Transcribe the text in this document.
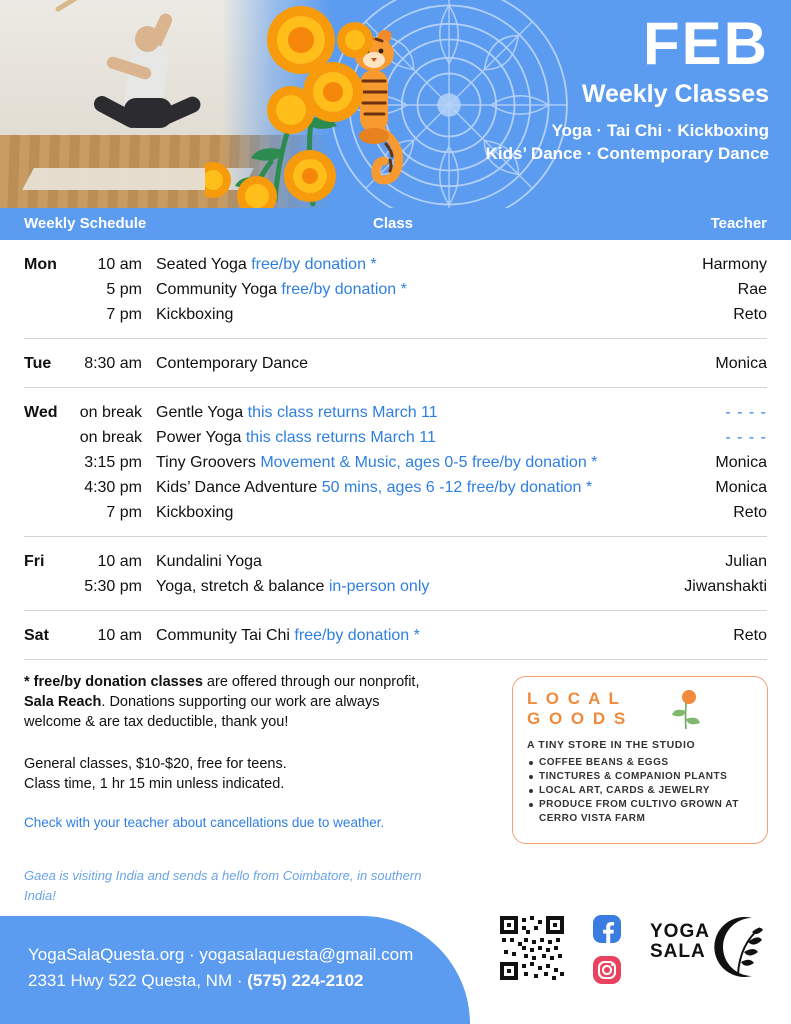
FEB
Weekly Classes
Yoga · Tai Chi · Kickboxing
Kids’ Dance · Contemporary Dance
Weekly Schedule	Class	Teacher
Mon	10 am Seated Yoga free/by donation *	Harmony
5 pm Community Yoga free/by donation *	Rae
7 pm Kickboxing	Reto
Tue	8:30 am Contemporary Dance	Monica
Wed	on break Gentle Yoga this class returns March 11	- - - -
on break Power Yoga this class returns March 11	- - - -
3:15 pm Tiny Groovers Movement & Music, ages 0-5 free/by donation *	Monica
4:30 pm Kids’ Dance Adventure 50 mins, ages 6 -12 free/by donation *	Monica
7 pm Kickboxing	Reto
Fri	10 am Kundalini Yoga	Julian
5:30 pm Yoga, stretch & balance in-person only	Jiwanshakti
Sat	10 am Community Tai Chi free/by donation *	Reto

* free/by donation classes are offered through our nonprofit,

Sala Reach. Donations supporting our work are always

welcome & are tax deductible, thank you!

General classes, $10-$20, free for teens.

Class time, 1 hr 15 min unless indicated.

Check with your teacher about cancellations due to weather.

Gaea is visiting India and sends a hello from Coimbatore, in southern India!

L O C A L
G O O D S
A TINY STORE IN THE STUDIO
COFFEE BEANS & EGGS
TINCTURES & COMPANION PLANTS
LOCAL ART, CARDS & JEWELRY
PRODUCE FROM CULTIVO GROWN AT
CERRO VISTA FARM
YogaSalaQuesta.org · yogasalaquesta@gmail.com
2331 Hwy 522 Questa, NM · (575) 224-2102

YOGA
SALA
